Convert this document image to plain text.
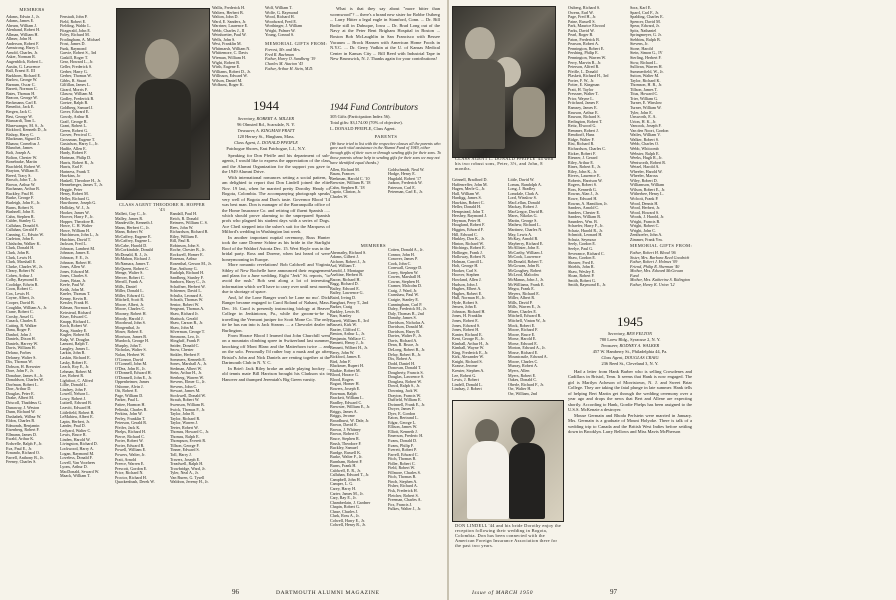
MEMBERS
Adams, Edwin J., Jr.
Adams, James E.
Ahearn, William J.
Alenhand, Robert H.
Allman, William H.
Allmer, John H.
Anderson, Robert F.
Armstrong, Harry I.
Arnold, Charles, Jr.
Asker, Norman R.
Augenblick, Robert L.
Austin, G. Lawrence
Ball, Ernest E. III
Barkhorn, Richard E.
Barlow, George W.
Barnum, Oscar C.
Barrett, Norman C.
Bates, Thomas H.
Beacon, George W.
Beckmann, Carl E.
Benedict, Jack E.
Bergen, Jack C.
Best, George W.
Biancardi, Tom L.
Blazewanger, M. S., Jr.
Bickford, Kenneth D., Jr.
Bishop, Harry C.
Blackman, Sigurd D.
Blaauw, Cornelius J.
Blanchet, James
Bolt, Joseph A.
Bolton, Chester W.
Bonebrake, Martin
Brachfeld, Robert W.
Brayton, William E.
Breed, Tracy S.
Brosch, John T., Jr.
Brown, Arthur W.
Buchanan, Arthur B.
Buckley, Paul H.
Burke, George F.
Burleigh, John E., Jr.
Burns, Robert N.
Bushnell, John E.
Cahn, Stephen R.
Calder, Stanley G.
Callahan, Donald S.
Callahan, Gerald F.
Canning, C., Edwin W.
Carleton, John E.
Chisholm, Walker K.
Clark, Donald H.
Clark, John B.
Clark, Lewis H.
Clark, Marshall E.
Clarke, Charles W., Jr.
Cleary, Robert W.
Cohen, Arthur J.
Colby, Raymond E.
Coolidge, Edwin R.
Coon, Robert C.
Cox, Lewis H.
Coyne, Albert, Jr.
Cooper, David B.
Coughlin, William A., Jr.
Crane, Robert C.
Crosby, Ansel G.
Cusack, Charles E.
Cutting, R. Walker
Dana, Roger F.
Danhof, John J.
Daniels, Dixon H.
Daniels, Harvey W.
Davis, William H.
Delano, Forbes
Delaney, Walter S.
Dix, Thomas W.
Dobson, H. Brewster
Dore, John F., Jr.
Donahue, James A., Jr.
Donaldson, Charles W.
Dorfman, Robert L.
Dorr, Arthur D.
Douglas, Peter E.
Drake, Albert M.
Driscoll, Thaddeus G.
Dunaway, J. Weston
Dunn, Richard W.
Dusbabek, Wilbur W.
Eldon, Charles B.
Edmonds, Benjamin
Eisenberg, Robert F.
Ellmann, James D.
Ewald, Arthur K.
Erdwelle, Ralph F., Jr.
Eva, Paul E., Jr.
Ernando, Richard O.
Farrell, Anthony B., Jr.
Feeney, Charles S.
Fenstadt, John P.
Field, Robert E.
Fielding, Waldo L.
Fitzgerald, John E.
Foley, Richard M.
Frodingham, A. Michael
Frost, James D.
Funk, Raymond
Garvie, Robert S., 3rd
Gaskill, Roger T.
Gear, Howard L., Jr.
Geller, Frederick S.
Gerber, Harry G.
Gerber, Thomas W.
Gibbs, R. Stuart
Gilfillan, James L.
Girard, Morris F.
Glasow, William M.
Godley, Frederick B.
Goetze, Ralph B.
Goldberg, Samuel J.
Gover, Edward E.
Gowdy, Arthur B.
Graff, George R.
Grant, Robert L.
Green, Robert G.
Grover, Percival C.
Grossman, Eugene T.
Gustafson, Harry L., Jr.
Hadfie, Allen E.
Hardy, Robert F.
Hartman, Philip D.
Harris, Robert R., Jr.
Harris, Earl F.
Hartness, Frank T.
Hawkins, Jo
Haskell, Theodore H., Jr.
Henneberger, James T., Jr.
Heggie, Peter
Henry, Robert M.
Heller, Richard G.
Hawthorne, Joseph G.
Holliday, W. J., Jr.
Hooker, James W.
Hoover, Harry F., Jr.
Hopper, Theodore R.
Howe, C. H. Walter
Howe, William H.
Hutchinson, John L., Jr.
Hutchins, David T.
Jackson, Fred L.
Johnson, Lambert M.
Johnson, James E.
Johnson, F. E., Jr.
Johnson, Robert H.
Jones, Allen W.
Jones, Edward M.
Jones, Charles S.
Jones, Brian, Jr.
Keefe, Paul W.
Keith, John M.
Kneler, Thomas T.
Kenny, Kevin R.
Kessler, Frank H.
Kilman, Norman L.
Keirstead, Richard
Kiser, Edward C.
Knapp, Richard L.
Koch, Robert W.
Krug, Stanley E.
Kugler, Robert M.
Kulp, W. Douglas
Lamont, Ralph T.
Langley, James L.
Larkin, John R.
Laskin, Richard E.
Lasky, Robert E.
Leach, Roy E., Jr.
Lehman, Robert M.
Lee, Robert R.
Lightfoot, C. Alfred
Lillie, Donald L.
Lindsey, John F.
Lowell, Nelson L.
Lowy, Robert J.
Luttrell, Edward B.
Leavitt, Edward H.
Littlefield, Robert B.
LeMahieu, Albert E.
Lapin, Herbert, Jr.
Lander, Paul D.
Ledyard, Walter C.
Lewis, Bruce R.
Linden, Harold W.
Livingston, Richard D.
Lockwood, Harry A.
Logan, Raymond M.
Loveless, Donald F.
Lovell, Van Voorhees
Lyons, Arthur D.
MacDonald, Seward W.
Maack, William T.
CLASS AGENT THEODORE R. HOPPER '43
Mallett, Guy C., Jr.
Malley, James R.
Mandeville, Kenneth J.
Mann, Herbert C., Jr.
Mann, Robert W.
McCaffery, Eugene E.
McCaffrey, Eugene L.
McCabe, Harold D.
McCorkindale, Donald
McDonald, R. J., Jr.
McMahon, Richard J.
McNamara, James T.
McQueen, Robert C.
Menge, Walter S.
Mercer, Robert C.
Merrill, Frank A.
Mills, Daniel
Miller, Donald L.
Miller, Edward G.
Mitchell, Scott R.
Moore, Albert, Jr.
Moore, Charles C.
Mooney, Robert H.
Moody, Harold J.
Moorhead, John S.
Morgenthal, Jo
Moser, Robert E.
Morrison, James B.
Murdock, George H.
Murphy, John T.
Nicholas, Walter S.
Nolan, Herbert W.
O'Connor, David
O'Connell, John M.
O'Dea, John R., Jr.
O'Donnell, Edward H.
O'Donnell, John E., Jr.
Oppenheimer, James
Osborne, Alvin J.
Ott, Robert E.
Page, William D.
Parker, Paul L.
Pattee, Harmon H.
Pelinski, Charles R.
Perkins, John W.
Perley, Franklin T.
Peterson, Gerald R.
Pfeifer, Jack K.
Phelps, Richard H.
Pierce, Richard C.
Porter, Robert W.
Porter, Edward R.
Powell, William E.
Powers, Walter, Jr.
Pratt, Arnold
Preece, Warren E.
Prescott, Gordon E.
Price, Richard N.
Proctor, Richard H.
Quackenbush, Derek W.
Randall, Paul H.
Reich, R. Donald
Reimers, William C. S.
Rees, John W.
Richardson, Richard B.
Riley, William E.
Rill, Paul R.
Robinson, John S.
Roche, Chester B., Jr.
Rockwell, Homer E.
Rosenau, Arthur
Rosenthal, Gerson M., Jr.
Rue, Anthony G.
Rudolph, Richard H.
Sandberg, Stanley F.
Sanborn, Harry C., Jr.
Schaffner, Herbert W.
Schiemer, David L.
Schultz, Leonard A.
Schrath, Thomas W.
Senior, Robert W.
Sergeant, Thomas A.
Shaw, Richard Jr.
Shattuck, Gerald
Shaw, Carson B., Jr.
Shaw, John M.
Silverman, George T.
Simmons, Leo, Jr.
Slingluff, Frank P.
Snider, Donald C.
Snow, Chester
Sinkler, Herbert F.
Sommers, Kenneth E.
Sones, Marshall A., Jr.
Stedman, Albert W.
Stein, Arthur H., Jr.
Stenberg, Warren W.
Stevens, Elmer G., Jr.
Stevens, John C.
Stewart, James M.
Stockwell, Donald W.
Strauh, Robert W.
Swenson, William B.
Swick, Thomas F., Jr.
Taylor, John R.
Taylor, Richard R.
Taylor, Warren J.
Teeter, Robert W.
Thomas, Howard C., Jr.
Thomas, Ralph E.
Thompson, Everett R.
Tillson, George F.
Tinner, Edward S.
Toll, Harry J.
Travers, Joseph E.
Treadwell, Ralph H.
Trowbridge, Ward, Jr.
Tyler, Neal A., Jr.
Van Buren, G. Tysell
Waldron, Jeremy H., Jr.
Wallis, Frederick H.
Walters, Herbert B.
Walton, John D.
Ward, E. Sanders, Jr.
Warriner, Laurence E.
Webb, Charles J., II
Weinhoetter, Paul W.
Wells, John S.
West, Franklin M.
Whitmarsh, William N.
Whittemore, C. Davis
Wieman, William H.
Wight, Robert B.
Wirth, Eugene E.
Williams, Robert D., Jr.
Willisson, Edward W.
Wilson, Daniel M.
Wolbarst, Roger K.
Wolf, William T.
Wolfe, G. Raymond
Wood, Richard H.
Woodward, Fred E.
Worthinger, J. William
Wright, Palmer W.
Young, Conrad S.
MEMORIAL GIFTS FROM:
Forrest, Mr. and Mrs.
Fred R. Bachman
Father, Harry O. Sandberg '19
Charles M. Atacion '43
Father, Arthur H. Stein, M.D.
1944
Secretary, ROBERT A. MILLER
96 Olmsted Rd., Scarsdale, N. Y.
Treasurer, A. KINGMAN PRATT
120 Hersey St., Hingham, Mass.
Class Agent, L. DONALD PFEIFLE
Patchogue Shores, East Patchogue, L.I., N.Y.

Speaking for Don Pfeifle and his department of sub-agents, I would like to express the appreciation of the class and the Alumni Organization for the support you gave to the 1949 Alumni Drive.

With international romances setting a social pattern, I am delighted to report that Don Lindell joined the elite Nov. 19 last, when he married pretty Dorothy Heady of Bogota, Colombia. The accompanying photograph speaks very well of Bogota and Don's taste. Governor Blood '14 was best man. Don is manager of the Barranquilla office of the Home Insurance Co. and retiring off fluent Spanish ..... which should prove alarming to the unprepared Spanish profs who plagued his student days with a series of Dogs. Ace Cheil stepped into the usher's suit for the Marquess of Milford's wedding in Washington last week.

In another important nuptial ceremony, Russ Hunter took the cane Dorene Schine as his bride in the Starlight Roof of the Waldorf Astoria Dec. 15. Wert Hoyle was in the bridal party. Ross and Dorene, when last heard of were honeymooning in Europe.

More romantic revelations! Bob Caldwell and Virginia Sibley of New Rochelle have announced their engagement and plans for a June wedding. Eight "Jerk" St. reports, "to avoid the rush." Bob sent along a lot of interesting information which we'll have to carry over until next month due to shortage of space.

And, lo! the Lone Ranger won't be Lone no mo'. Dick Ranger became engaged to Carol Roland of Nahant, Mass. Dec. 16. Carol is presently instructing biology at Beaver College in Jenkintown, Pa., while the groom-to-be is travelling the Vermont juniper for Scott Mone Co. The only tie he has run into is Jack Stearns .... a Chevrolet dealer in Burlington.

From Horace Blood I learned that John Churchill went on a mountain climbing spree in Switzerland last summer, knocking off Mont Blanc and the Matterhorn twice ... and on the solo. Personally I'd rather buy a mask and go after Bristol's John and Nick Daniels are renting together at the Dartmouth Club in N. Y. C.

In Brief: Jack Riley broke an ankle playing hockey ... old tennis mate Bill Harrison brought his Clarkson six to Hanover and thumped Jeremiah's Big Green varsity.

96	DARTMOUTH ALUMNI MAGAZINE

What is that they say about "more bitter than wormwood"? ... there's a brand new sister for Bobbe Ostberg ... Larry Hitter a legal eagle in Stamford, Conn. ... Dr. Bill Bodie still in Dubuque, Iowa ... Dr. Brad Long out of the Navy at the Peter Bent Brigham Hospital in Boston ... Boston Bob McLaughlin in San Francisco with Bessee Vacuum ... Brock Hansen with American Home Foods in N.Y.C. ... Dr. Gerry Vadkin at the U. of Kansas Medical Center in Kansas City ... Bill Reed with Industrial Tape in New Brunswick, N. J. Thanks again for your contributions!

1944 Fund Contributors
305 Gifts (Participation Index 56).
Total gifts: $3,174.00 (70% of objective).
L. DONALD PFEIFLE, Class Agent.
PARENTS
(We have tried to list with the respective classes all the parents who gave such vital assistance in the Alumni Fund of 1949, either through gifts of their own or through sending gifts for their sons. To those parents whose help in sending gifts for their sons we may not have identified equal thanks.)
Allen, Richard M.
Baum, Frances
Beekman, Harold C. '10
Brewster, William B. '18
Cahn, Stephen R. '18
Caprio, Clinton, Jr.
Charles W.
Goldschmidt, Neal W.
Hodge, Henry E.
Hugdahl, Robert '17
Judson, Frederick W.
Paterson, Carl E.
Peterman, Carl E., Jr.
MEMBERS
Abernathy, Richard S.
Adams, Gilbert J.
Aichorn, Robert J., Jr.
Ard, William T.
Arnold, J. Montague
Aseltine, Herbert B.
Bacon, Richard H.
Bagg, Richard D.
Bailey, Edward E.
Bailey, Lawrence G.
Baird, Irving D.
Banghart, Perry T., 2nd
Barker, Craig
Barkley, Lewis H.
Barr, Stanley
Barrett, William E., 3rd
Bassett, Kirk W.
Baxter, Clifford C.
Benton, Arthur L., Jr.
Benjamin, Wallace C.
Bennett, Henry J., Jr.
Bennett, Wilbert H., Jr.
Berry, John W.
Bickford, James E.
Bird, John F.
Blackmer, Rupert H.
Blaikie, Robert M.
Blood, Horace G.
Blood, Rogers
Bogart, Homer H.
Bowers, Joseph E.
Bowman, Ralph
Brackett, William L.
Bradley, Edward C.
Brewster, William E., Jr.
Briggs, James A.
Briggs, Jerome
Broadhurst, W. Dale, Jr.
Brown, David E.
Brown, J. Whitney
Brown, Robert O.
Bruce, Stephen R.
Brush, Theodore F.
Buckley, Samuel
Burdge, Russell K.
Burke, Walter F., Jr.
Burnham, Robert F.
Burns, Frank H.
Caldwell, E. R., Jr.
Callahan, Edward T., Jr.
Campbell, John H.
Camper, L. G.
Carey, Harry H.
Carter, James M., Jr.
Cary, Ray E., Jr.
Chamberlain, J. Gardner
Chapin, Robert G.
Chase, Charles J.
Clark, Ross A., Jr.
Colwell, Harry E., Jr.
Colwell, Henry R., Jr.
Cotten, Donald A., Jr.
Connor, John H.
Conover, James P.
Cook, John C.
Cornwall, George D.
Corey, Stephen W.
Cowen, Marshall H.
Cowan, Stephen H.
Cramer, Malcolm D.
Craig, J. Ward, Jr.
Cranshaw, Paul W.
Craigie, Stanley E.
Cunningham, Carl P.
Daley, Frederick M., Jr.
Daly, Thomas R., 2nd
Danahy, James S.
Davidson, Nicholas A.
Davidson, Donald M.
Davidson, Harry B.
Davies, Walter P., Jr.
Davis, Richard A.
Dean, R. Bruce, Jr.
DeLong, Robert B., Jr.
Delay, Robert B., Jr.
Dix, Robert A.
Dodd, Daniel H.
Donovan, Donald T.
Dougherty, Francis S.
Douglas, Lawrence S.
Douglass, Robert W.
Dowd, Ralph S., Jr.
Downing, Jack W.
Drayton, Francis W.
Duffield, William E.
Dwinnell, Frank E., Jr.
Dwyer, James F.
Dyer, E. Gordon
Eaton, Bertrand L.
Edgar, George L.
Ellison, James W.
Elliott, Kenneth J.
Emerson, Frederic H.
Evans, Donald D.
Evans, Philip F.
Everett, Robert P.
Farrell, Edward C.
Fitch, Thomas B.
Fidler, Robert C.
Field, Robert W.
Fillmore, Charles S.
Fitch, Thomas B.
Finch, Stephen A.
Fisher, Richard A.
Fisk, Frederick H.
Fletcher, Robert S.
Freeman, Charles A.
Fox, Francis J.
Fulkes, Walter J., Jr.
CLASS AGENT L. DONALD PFEIFLE '44 with his two robust sons, Peter, 3½, and John, 8 months.
Grinnell, Bradford D.
Haffenreffer, John M.
Hagen, Merle G., Jr.
Hall, William W.
Hardigg, James S.
Hawkins, Robert C.
Heller, Donald H.
Hempstead, John T.
Hershey, Raymond J.
Heyman, Peter H.
Hoagland, Robert F.
Higgins, Edward F.
Hill, Edward C.
Hinkley, Don K., Jr.
Hinton, Richard W.
Hitchings, Robert E.
Hollinger, Frank J.
Holloway, Robert N.
Holman, Carroll L.
Holt, George H.
Hooker, Carl S.
Hoover, Stephen
Howland, Allen J.
Hudson, John J.
Hughes, Elbert A.
Hughes, Robert E.
Hull, Norman H., Jr.
Hyde, Robert S.
Jensen, John E.
Johnson, Richard H.
Jones, H. Franklin
Jones, Robert E.
Jones, Edward S.
Jones, Robert H.
Kanter, Richard E.
Kent, George B., Jr.
Kimball, Arthur H., Jr.
Kimball, Wayne W.
King, Frederick E., Jr.
Kirk, Alexander W.
Knight, Richard S.
Krause, Jerome
Kreuter, Stephen A.
Lee, Robert G.
Lewis, J. Robert
Lindell, Donald L.
Lindsay, J. Robert
Little, David W.
Lomas, Randolph A.
Long, J. Bradley
Lonsdale, Clark A.
Lord, Winslow S.
MacLellan, Donald
Mackay, Robert J.
MacGregor, David B.
Marrs, Nikolas G.
Martin, George S.
Mathew, Richard L.
Martinez, Charles N.
May, Lewis A.
McKay, Arnold B.
Mayberry, Richard E.
McAllister, John E.
McCarthy, William J.
McCook, Lawrence
McDonald, Robert T.
McGowan, John B.
McGoughey, Robert
McLeod, Malcolm
McManus, John J., Jr.
McWilliams, Frank E.
Megra, Frank E.
Meyers, Richard E.
Miller, Albert R.
Mills, David P.
Mills, Warren E., Jr.
Miner, Charles E.
Mitchell, Edward R.
Mitchell, Vinton W., Jr.
Mock, Robert E.
Moore, Richard F.
Moore, Bruce E.
Morse, Harold E.
Morse, Edward E.
Morton, Edward A., Jr.
Mosse, Richard E.
Mountcastle, Edward A.
Moore, Charles C.
Murray, Robert A.
Myers, Allen
Myers, Robert E.
Oakes, Donald C.
Oberle, Richard F., Jr.
Orr, Walter H.
Orr, William, 2nd
DON LINDELL '44 and his bride Dorothy enjoy the reception following their wedding in Bogota, Colombia. Don has been connected with the American Foreign Insurance Association there for the past two years.
Ostberg, Richard S.
Owens, Earl W.
Page, Fred H., Jr.
Paine, Russell S.
Park, Maurice Elwood
Parks, David W.
Pearl, Roger B.
Paton, Frederick B.
Pearson, Robert A.
Pennington, Robert E.
Pershing, Philip E.
Pennington, Warren W.
Perry, Marvin R., Jr.
Peterson, Alfred R.
Pfeifle, L. Donald
Plaskett, Richard H., 3rd
Porter, F. W., Jr.
Potter, E. Kingman
Pratt, H. Taylor
Pressner, Walter T.
Prior, Wayne L.
Pritchard, James F.
Ramsey, James E.
Rawson, Arthur E.
Rawson, Richard S.
Redington, Robert T.
Reitz, Elwood G.
Remmer, Robert J.
Rendtorff, Hans
Ridge, Walter F.
Rist, Richard R.
Richardson, Charles C.
Ricker, Robert F.
Riesner, J. Gerard
Riley, Arthur E.
Rines, Robert E., Jr.
Riley, John K., Jr.
Rivers, Laurence E.
Roberts, Harrison W.
Rogers, Robert S.
Ross, Kenneth G.
Rowan, Alan J., Jr.
Rowe, Edward H.
Rowan, A. Hamilton, Jr.
Sanders, Arnold C.
Sanders, Chester E.
Sanders, William B.
Saunders, Wm. B.
Schaefer, Harry F., Jr.
Schatz, Harold R., Jr.
Schmidt, Leonard H.
Schutz, Seymour
Seely, Gordon E.
Seelye, Paul G.
Severance, Richard C.
Shaw, Gordon E.
Shearer, Fred E.
Shields, John R.
Shaw, Wesley E.
Sloan, Robert P.
Smith, Robert G.
Smith, Raymond E., Jr.
Sora, Karl E.
Sparrl, Carl F., Jr.
Spalding, Charles E.
Spencer, David M.
Spear, Edward, Jr.
Spitz, Nathaniel
Springmeyer, G. Jr.
Stebbins, Ralph B.
Stevens, Jr.
Stone, Harold
Stein, Simon G., IV
Sterling, Herbert F.
Stow, Richard L.
Sullivan, Warren H.
Summerfield, W., Jr.
Sutton, Walter M.
Taylor, Richard K.
Thomson, H. B., Jr.
Tillson, James T.
Titus, Howard C.
Trier, William G.
Turner, E. Winslow
Turner, William W.
Tyler, John E.
Unsworth, E. A.
Urion, H. K., Jr.
Vancook, Joseph F.
Van den Noort, Gordon
Wailes, William V.
Walker, Robert S.
Webb, Charles O.
Webb, Whitcomb
Webster, Ralph E.
Weeks, Hugh R., Jr.
Wentworth, Robert R.
Wetzel, Harold A.
Wheeler, Harold W.
Wheeler, Marcus
Wiley, Robert D.
Williamson, William
Wilson, Robert E., Jr.
Witherbee, Henry L.
Wolcott, Frank P.
Wood, Dennis H.
Wood, Herbert, Jr.
Wood, Howard S.
Woods, J. Harold, Jr.
Wright, Francis B.
Wright, Robert C.
Wright, John C.
Zenthoefer, John A.
Zimmer, Frank Ym.
MEMORIAL GIFTS FROM:
Father, Robert H. Blood '06
Sister, Mrs. Barbara Reed Goodrich
Father, Robert J. Holmes '09
Friend, Philip R. Sherman '40
Mother, Mrs. Edward McGowan Fund
Mother, Mrs. Katherine S. Ridington
Father, Henry K. Urion '12
1945
Secretary, BEN FELTON
780 Loew Bldg., Syracuse 2, N. Y.
Treasurer, RODNEY A. WALKER
457 W. Hamberry St., Philadelphia 44, Pa.
Class Agent, DOUGLAS CRAIG
236 Reed St., Cleveland 3, N. Y.

Had a letter from Hank Barber who is selling Crowdenes and Cadillacs in Bristol, Tenn. It seems that Hank is now engaged. The girl is Marilyn Acheson of Morristown, N. J. and Sweet Briar College. They are taking the fatal plunge in late summer. Hank tells of helping Bert Martin get through the wedding ceremony over a year ago and drops the news that Bert and Allene are expecting shortly. According to Hank, Gordie Phelps has been assigned to the U.S.S. McKenzie a destroyer.

Mouse Germain and Rhoda Perlstein were married in January. Mrs. Germain is a graduate of Mount Holyoke. There is talk of a wedding trip to Canada and the British West Indies before settling down in Brooklyn. Larry Bellows and Miss Mavis McPherson

Issue of MARCH 1950	97
